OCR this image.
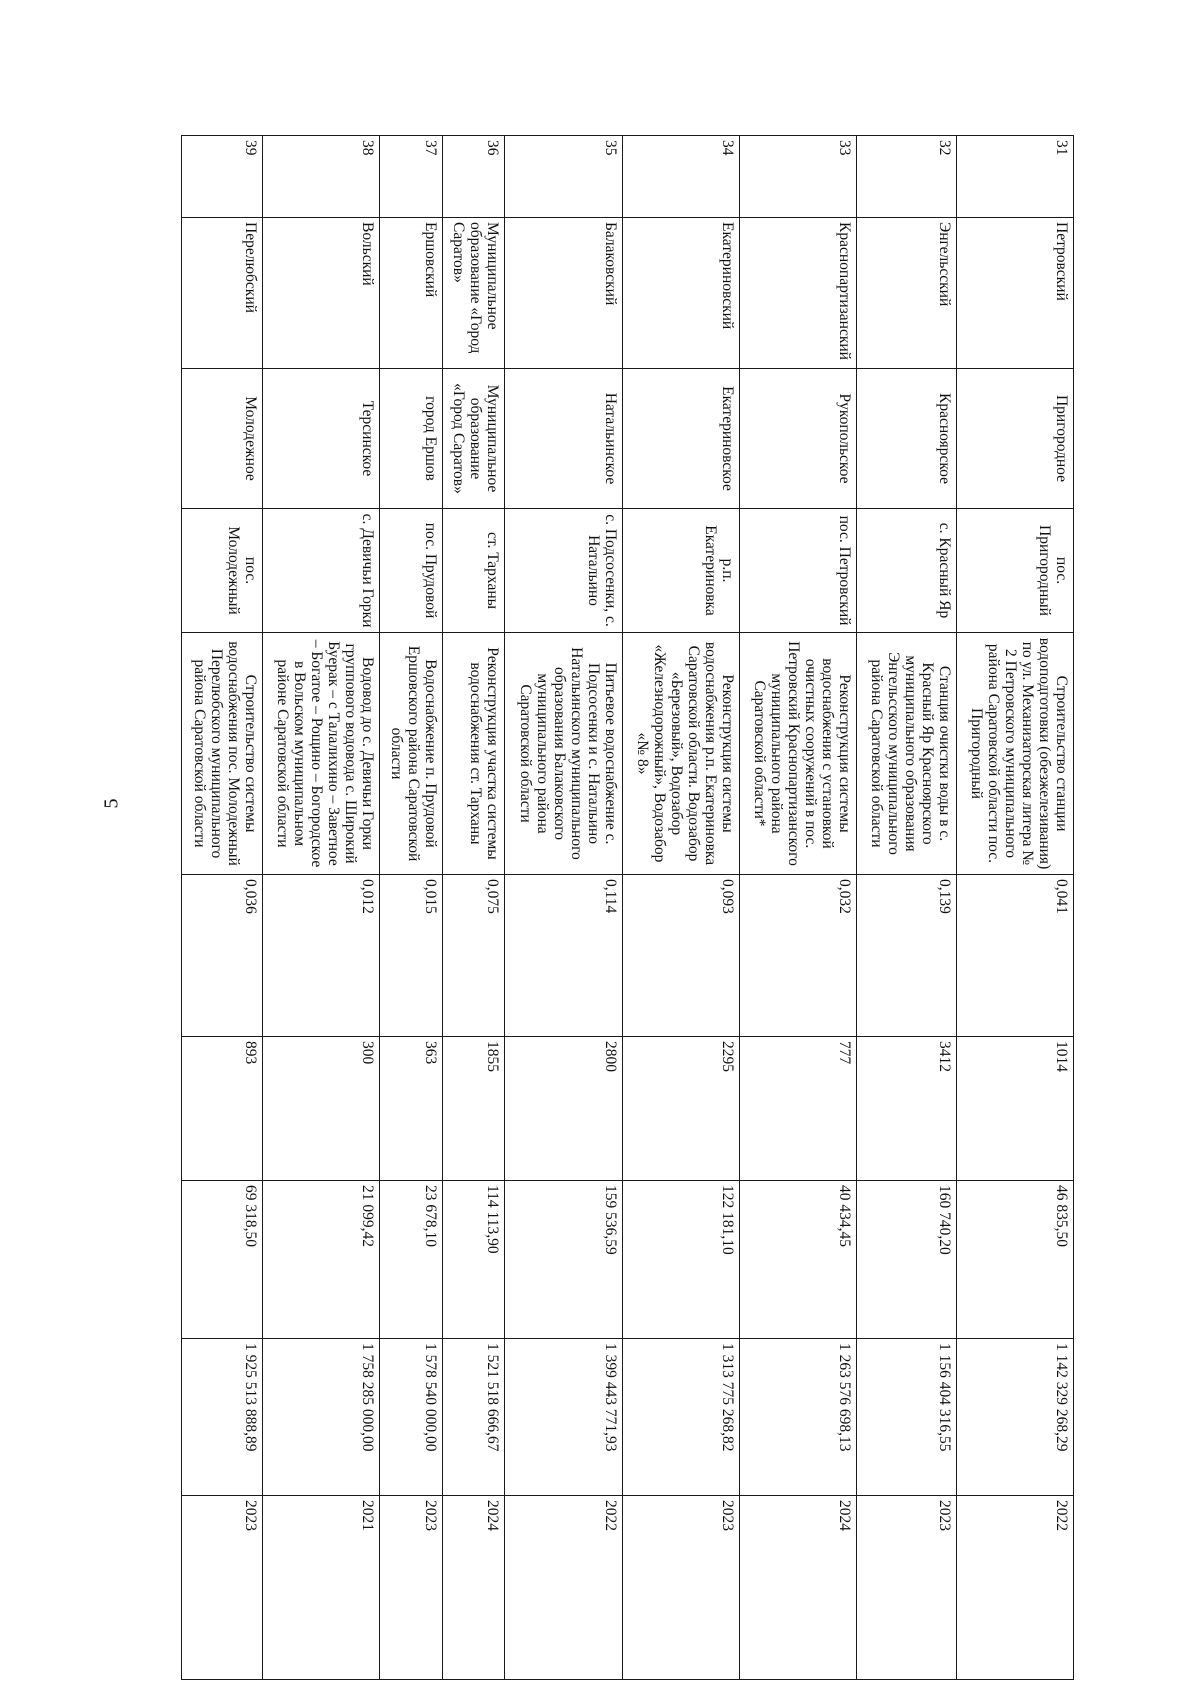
5
31	Петровский	Пригородное	пос. Пригородный	Строительство станции водоподготовки (обезжелезивания) по ул. Механизаторская литера № 2 Петровского муниципального района Саратовской области пос. Пригородный	0,041	1014	46 835,50	1 142 329 268,29	2022
32	Энгельсский	Красноярское	с. Красный Яр	Станция очистки воды в с. Красный Яр Красноярского муниципального образования Энгельсского муниципального района Саратовской области	0,139	3412	160 740,20	1 156 404 316,55	2023
33	Краснопартизанский	Рукопольское	пос. Петровский	Реконструкция системы водоснабжения с установкой очистных сооружений в пос. Петровский Краснопартизанского муниципального района Саратовской области*	0,032	777	40 434,45	1 263 576 698,13	2024
34	Екатериновский	Екатериновское	р.п. Екатериновка	Реконструкция системы водоснабжения р.п. Екатериновка Саратовской области. Водозабор «Березовый», Водозабор «Железнодорожный», Водозабор «№ 8»	0,093	2295	122 181,10	1 313 775 268,82	2023
35	Балаковский	Натальинское	с. Подсосенки, с. Натальино	Питьевое водоснабжение с. Подсосенки и с. Натальино Натальинского муниципального образования Балаковского муниципального района Саратовской области	0,114	2800	159 536,59	1 399 443 771,93	2022
36	Муниципальное образование «Город Саратов»	Муниципальное образование «Город Саратов»	ст. Тарханы	Реконструкция участка системы водоснабжения ст. Тарханы	0,075	1855	114 113,90	1 521 518 666,67	2024
37	Ершовский	город Ершов	пос. Прудовой	Водоснабжение п. Прудовой Ершовского района Саратовской области	0,015	363	23 678,10	1 578 540 000,00	2023
38	Вольский	Терсинское	с. Девичьи Горки	Водовод до с. Девичьи Горки группового водовода с. Широкий Буерак – с Талалихино – Заветное – Богатое – Рощино – Богородское в Вольском муниципальном районе Саратовской области	0,012	300	21 099,42	1 758 285 000,00	2021
39	Перелюбский	Молодежное	пос. Молодежный	Строительство системы водоснабжения пос. Молодежный Перелюбского муниципального района Саратовской области	0,036	893	69 318,50	1 925 513 888,89	2023
